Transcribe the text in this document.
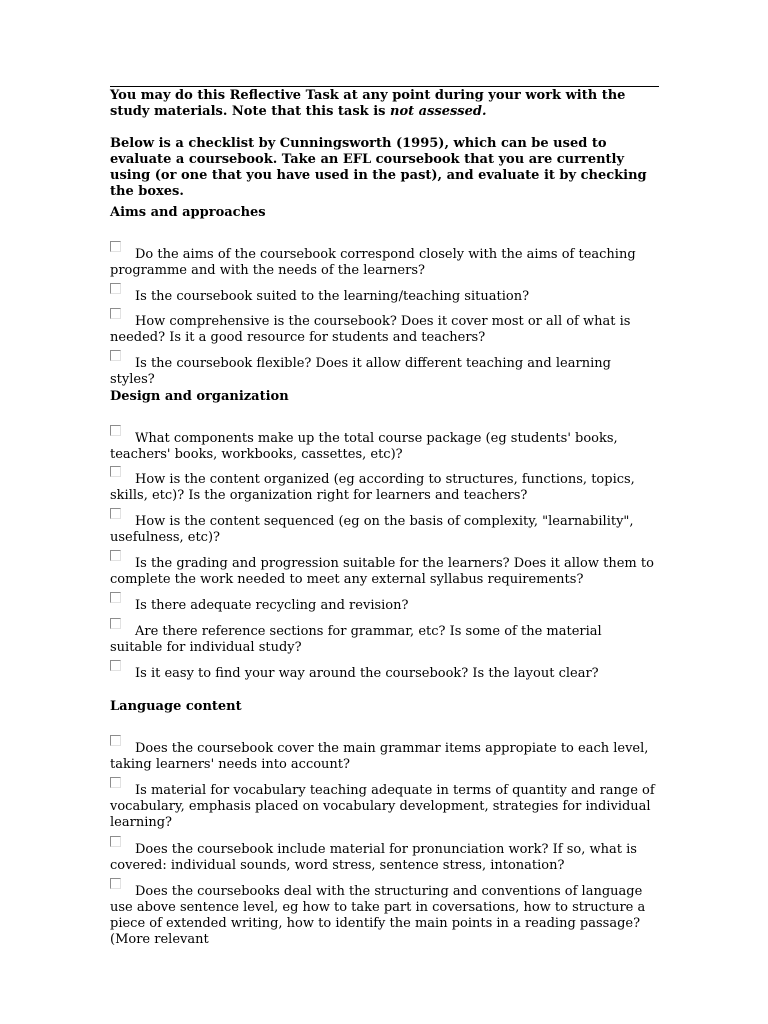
You may do this Reflective Task at any point during your work with the study materials. Note that this task is not assessed.

Below is a checklist by Cunningsworth (1995), which can be used to evaluate a coursebook. Take an EFL coursebook that you are currently using (or one that you have used in the past), and evaluate it by checking the boxes.

Aims and approaches

Do the aims of the coursebook correspond closely with the aims of teaching programme and with the needs of the learners?

Is the coursebook suited to the learning/teaching situation?

How comprehensive is the coursebook? Does it cover most or all of what is needed? Is it a good resource for students and teachers?

Is the coursebook flexible? Does it allow different teaching and learning styles?

Design and organization

What components make up the total course package (eg students' books, teachers' books, workbooks, cassettes, etc)?

How is the content organized (eg according to structures, functions, topics, skills, etc)? Is the organization right for learners and teachers?

How is the content sequenced (eg on the basis of complexity, "learnability", usefulness, etc)?

Is the grading and progression suitable for the learners? Does it allow them to complete the work needed to meet any external syllabus requirements?

Is there adequate recycling and revision?

Are there reference sections for grammar, etc? Is some of the material suitable for individual study?

Is it easy to find your way around the coursebook? Is the layout clear?

Language content

Does the coursebook cover the main grammar items appropiate to each level, taking learners' needs into account?

Is material for vocabulary teaching adequate in terms of quantity and range of vocabulary, emphasis placed on vocabulary development, strategies for individual learning?

Does the coursebook include material for pronunciation work? If so, what is covered: individual sounds, word stress, sentence stress, intonation?

Does the coursebooks deal with the structuring and conventions of language use above sentence level, eg how to take part in coversations, how to structure a piece of extended writing, how to identify the main points in a reading passage? (More relevant
